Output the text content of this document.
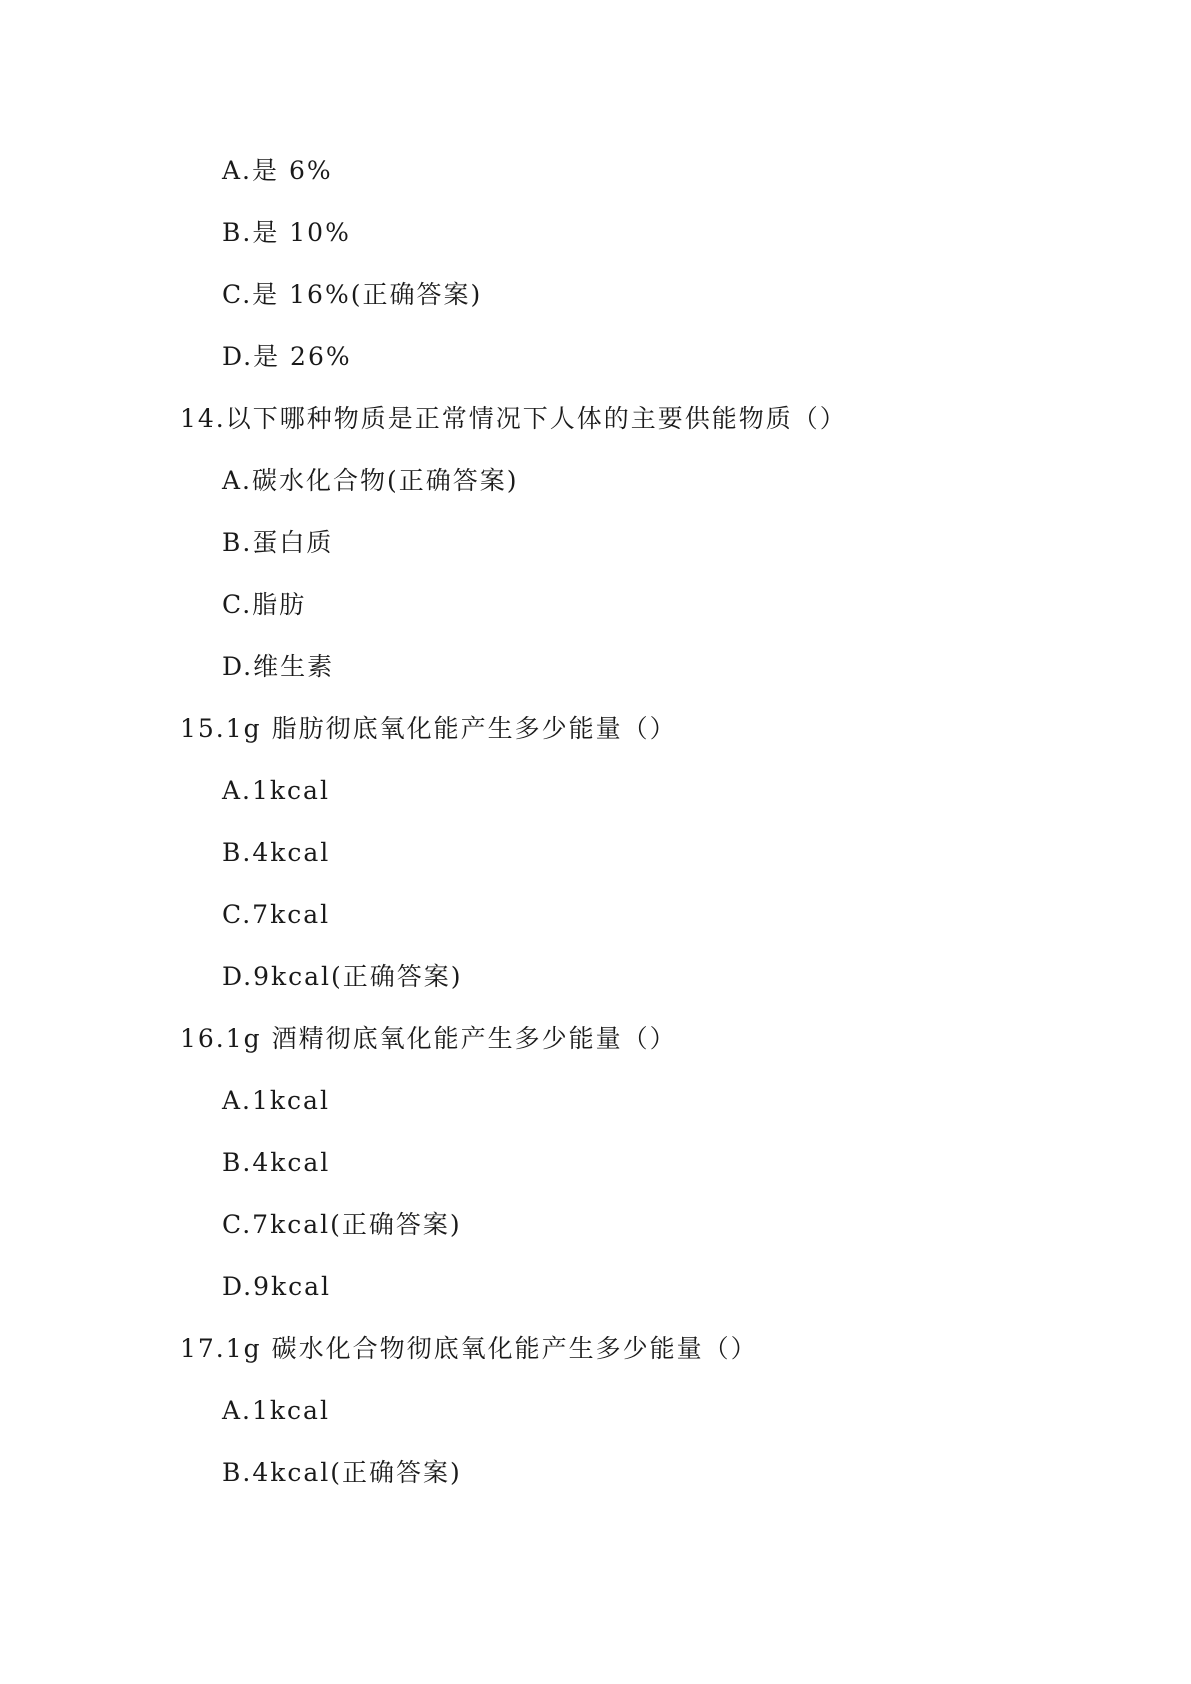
A.是 6%
B.是 10%
C.是 16%(正确答案)
D.是 26%
14.以下哪种物质是正常情况下人体的主要供能物质（）
A.碳水化合物(正确答案)
B.蛋白质
C.脂肪
D.维生素
15.1g 脂肪彻底氧化能产生多少能量（）
A.1kcal
B.4kcal
C.7kcal
D.9kcal(正确答案)
16.1g 酒精彻底氧化能产生多少能量（）
A.1kcal
B.4kcal
C.7kcal(正确答案)
D.9kcal
17.1g 碳水化合物彻底氧化能产生多少能量（）
A.1kcal
B.4kcal(正确答案)
